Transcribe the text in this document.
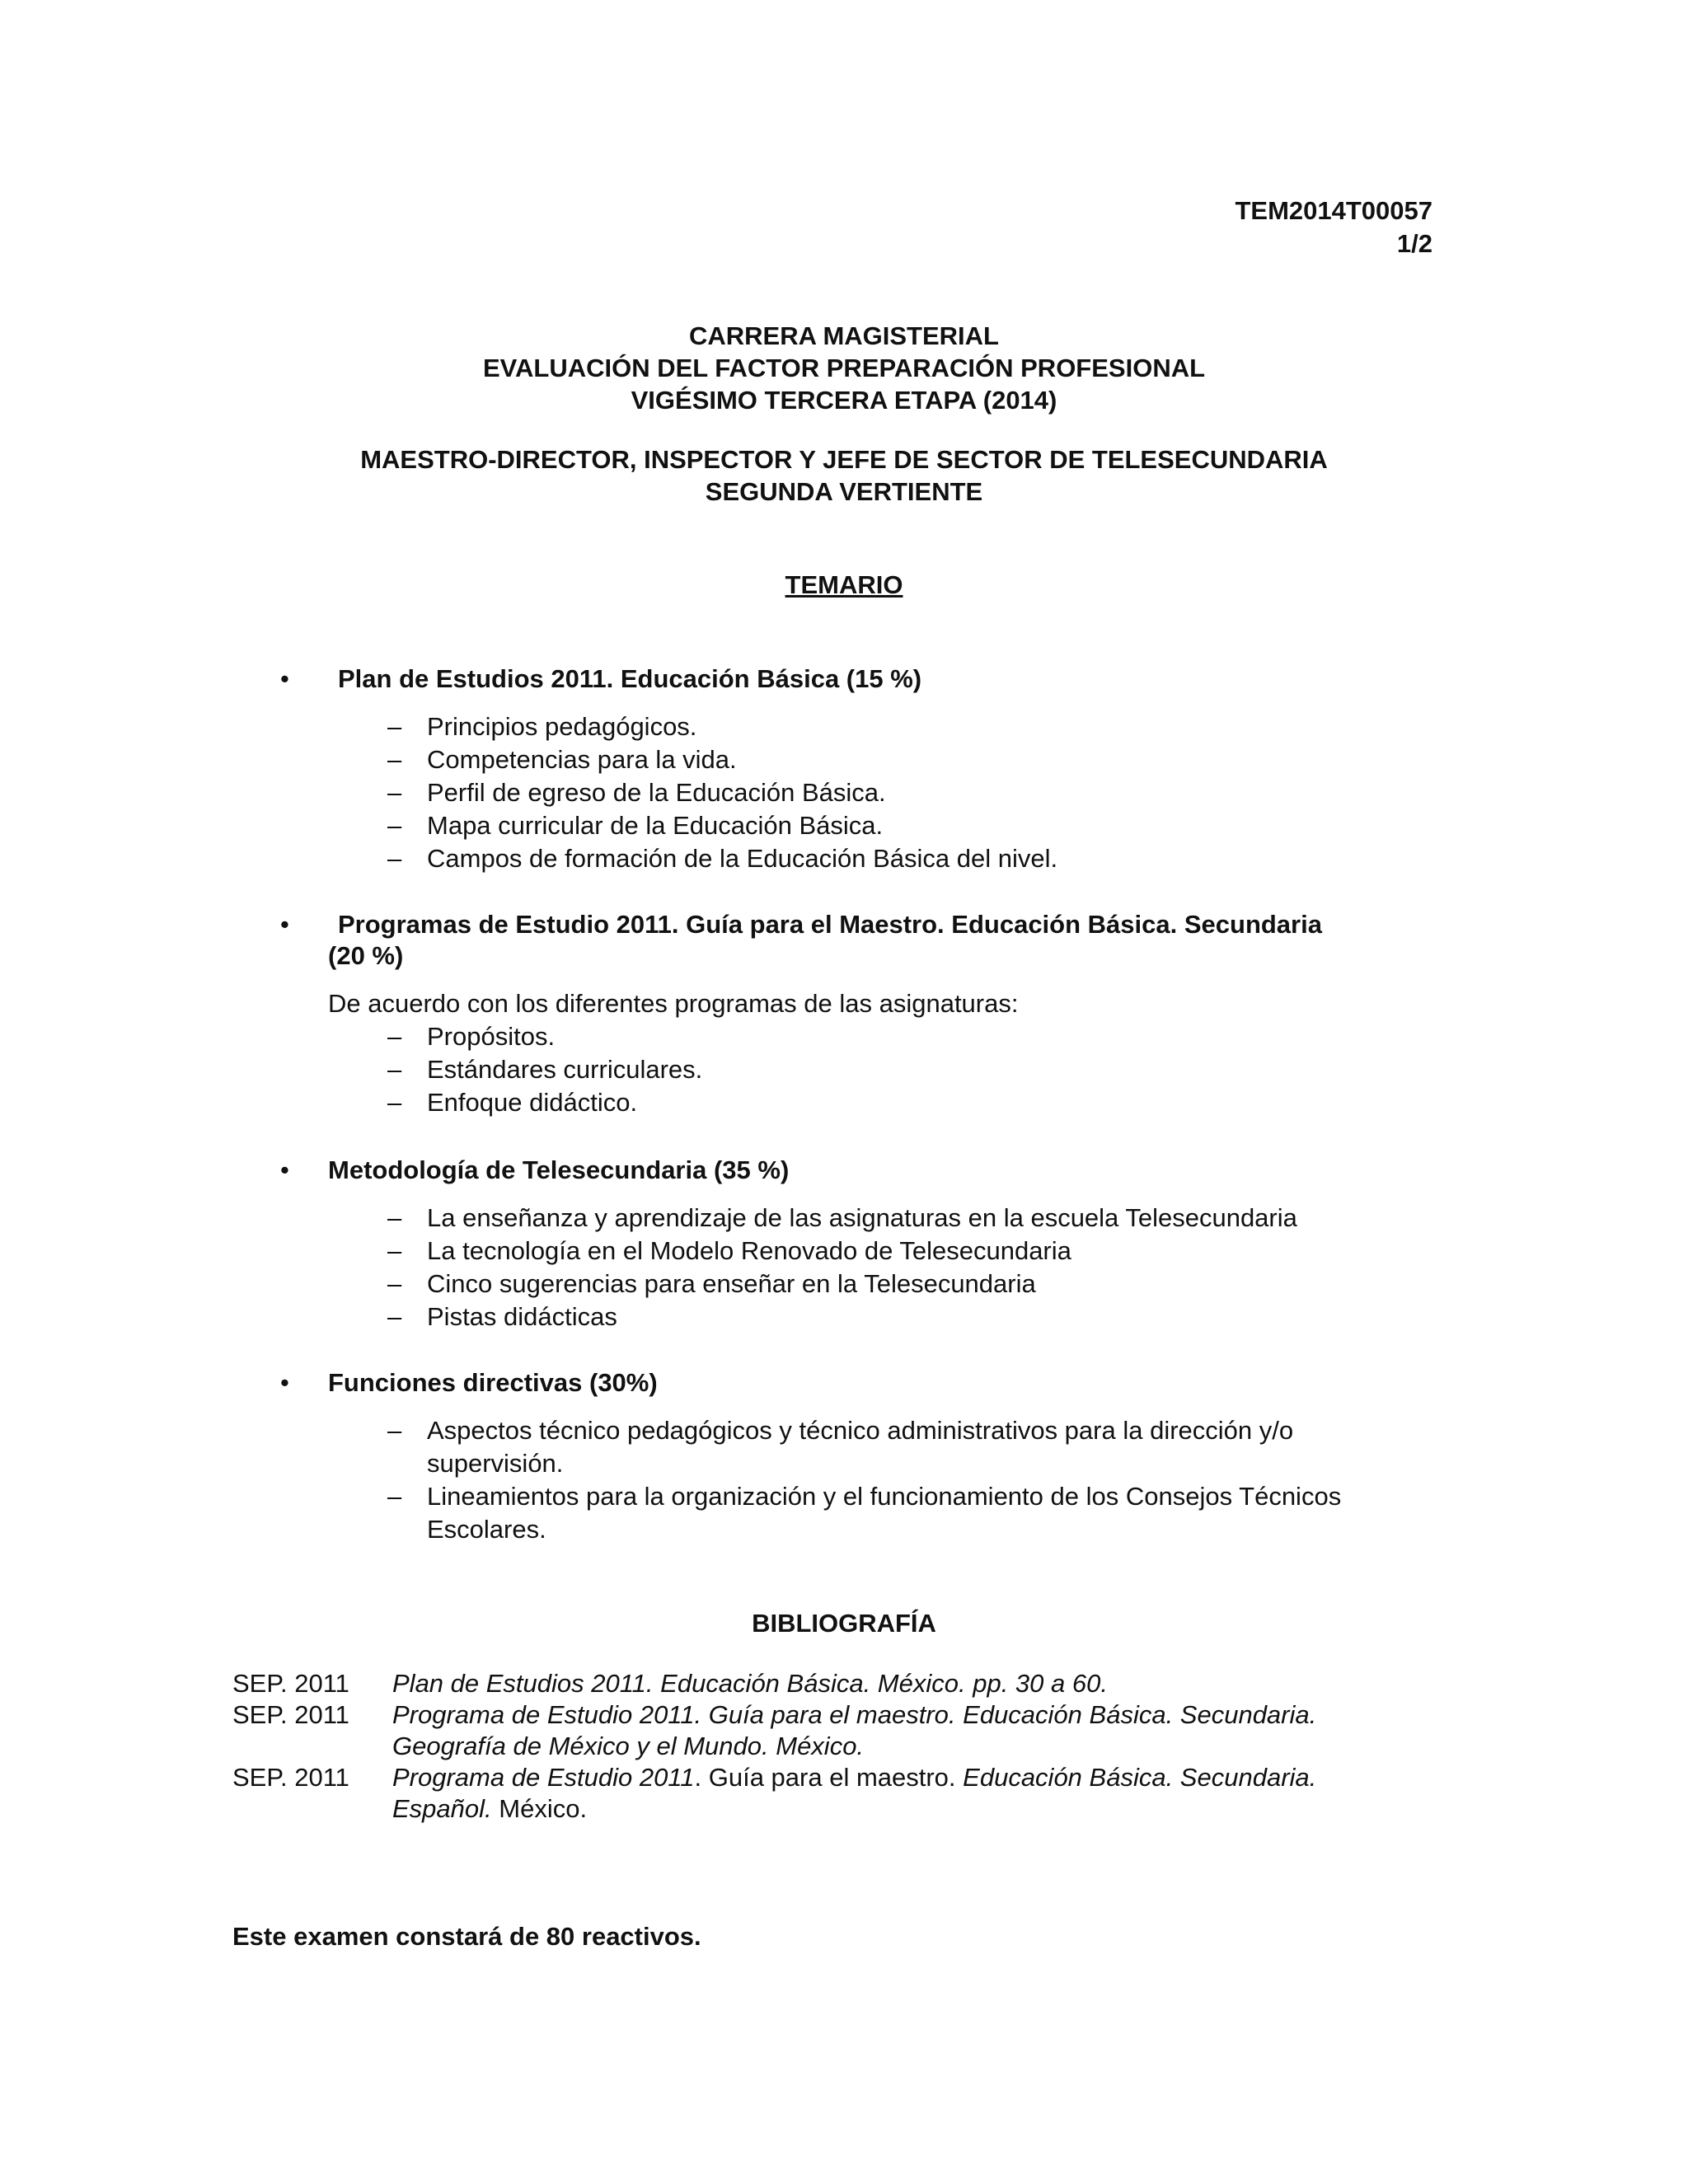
TEM2014T00057
1/2
CARRERA MAGISTERIAL
EVALUACIÓN DEL FACTOR PREPARACIÓN PROFESIONAL
VIGÉSIMO TERCERA ETAPA (2014)
MAESTRO-DIRECTOR, INSPECTOR Y JEFE DE SECTOR DE TELESECUNDARIA
SEGUNDA VERTIENTE
TEMARIO
• Plan de Estudios 2011. Educación Básica (15 %)
– Principios pedagógicos.
– Competencias para la vida.
– Perfil de egreso de la Educación Básica.
– Mapa curricular de la Educación Básica.
– Campos de formación de la Educación Básica del nivel.
• Programas de Estudio 2011. Guía para el Maestro. Educación Básica. Secundaria
(20 %)
De acuerdo con los diferentes programas de las asignaturas:
– Propósitos.
– Estándares curriculares.
– Enfoque didáctico.
• Metodología de Telesecundaria (35 %)
– La enseñanza y aprendizaje de las asignaturas en la escuela Telesecundaria
– La tecnología en el Modelo Renovado de Telesecundaria
– Cinco sugerencias para enseñar en la Telesecundaria
– Pistas didácticas
• Funciones directivas (30%)
– Aspectos técnico pedagógicos y técnico administrativos para la dirección y/o
supervisión.
– Lineamientos para la organización y el funcionamiento de los Consejos Técnicos
Escolares.
BIBLIOGRAFÍA
SEP. 2011	Plan de Estudios 2011. Educación Básica. México. pp. 30 a 60.
SEP. 2011	Programa de Estudio 2011. Guía para el maestro. Educación Básica. Secundaria.
Geografía de México y el Mundo. México.
SEP. 2011	Programa de Estudio 2011. Guía para el maestro. Educación Básica. Secundaria.
Español. México.
Este examen constará de 80 reactivos.
